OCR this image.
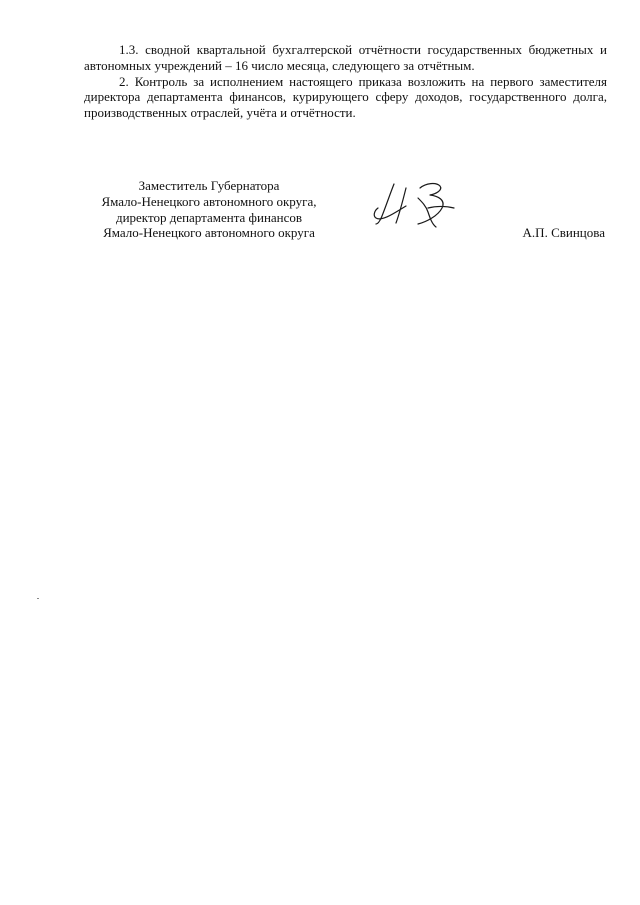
1.3. сводной квартальной бухгалтерской отчётности государственных бюджетных и автономных учреждений – 16 число месяца, следующего за отчётным.

2. Контроль за исполнением настоящего приказа возложить на первого заместителя директора департамента финансов, курирующего сферу доходов, государственного долга, производственных отраслей, учёта и отчётности.

Заместитель Губернатора
Ямало-Ненецкого автономного округа,
директор департамента финансов
Ямало-Ненецкого автономного округа	А.П. Свинцова
